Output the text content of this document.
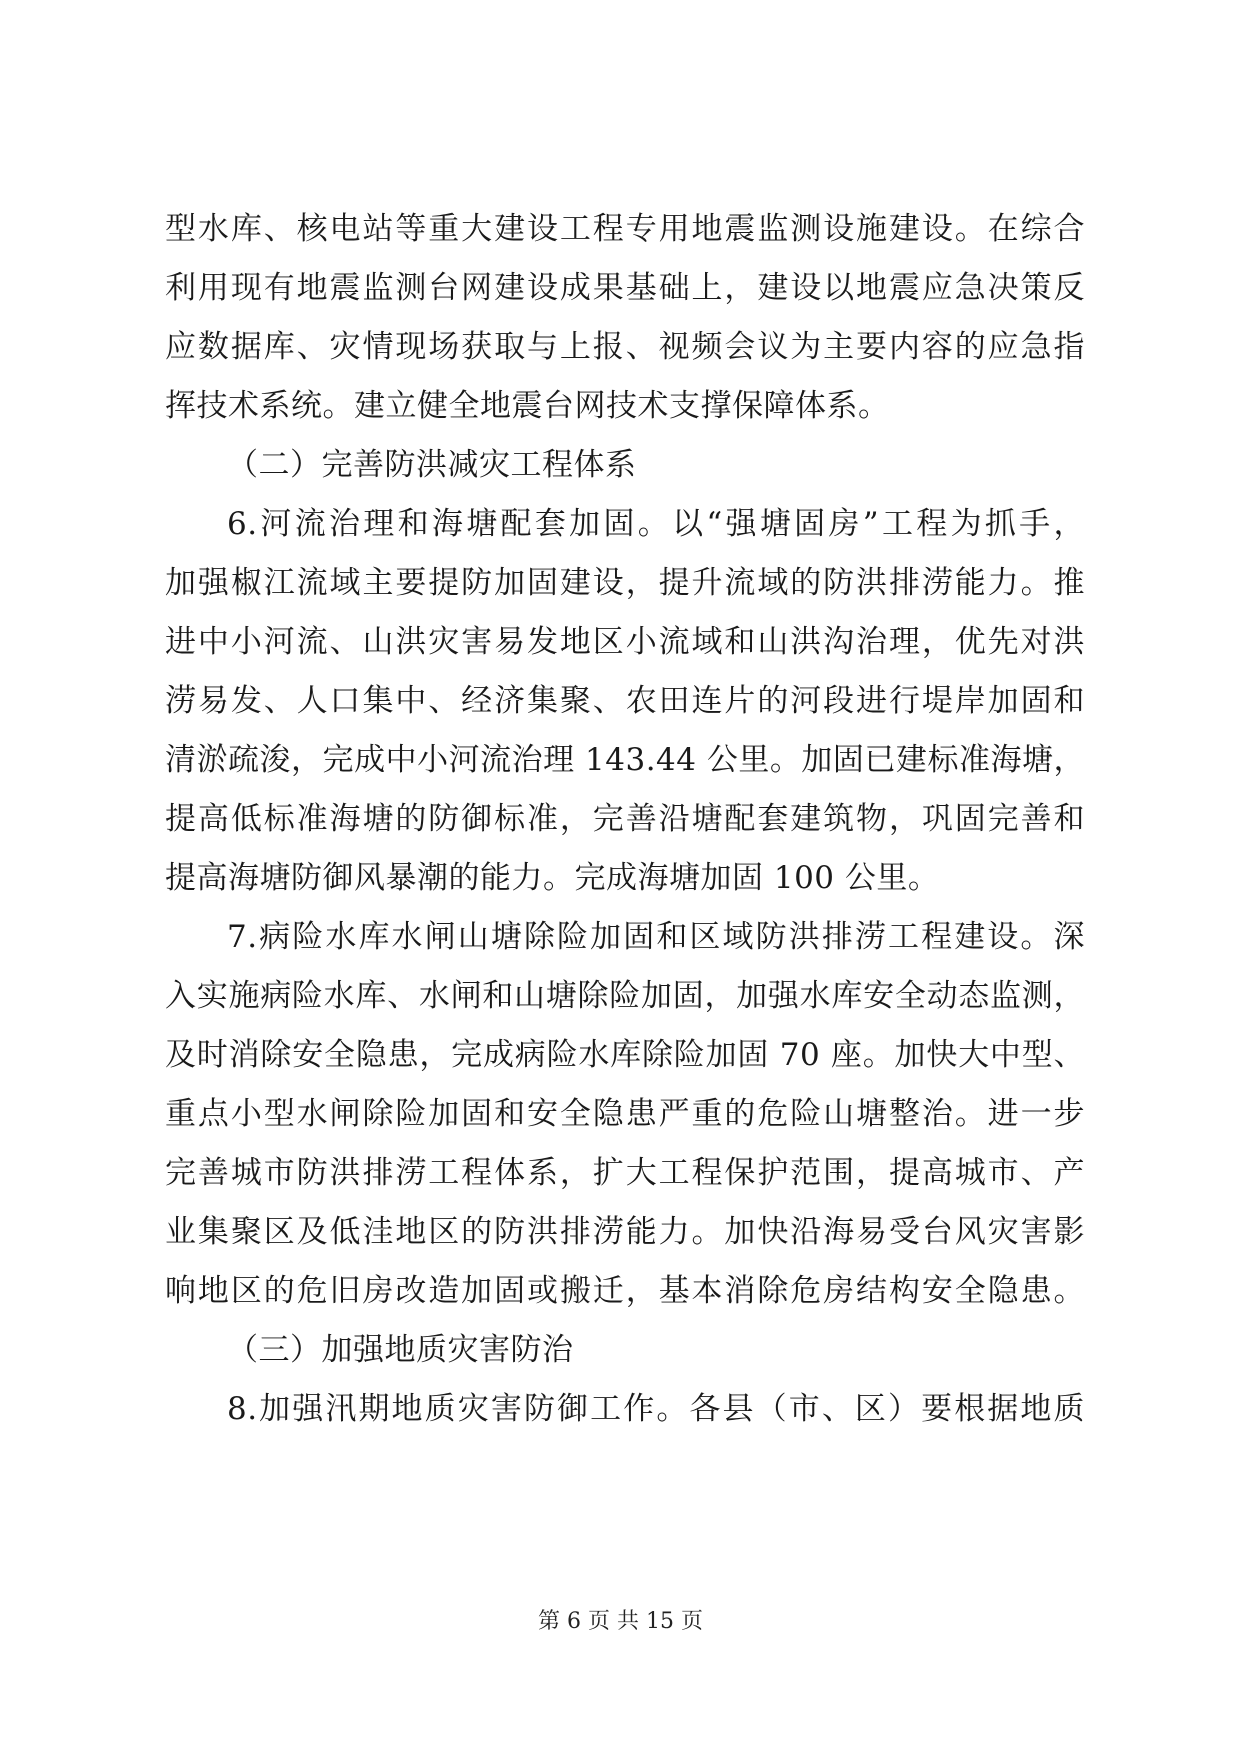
型水库、核电站等重大建设工程专用地震监测设施建设。在综合
利用现有地震监测台网建设成果基础上，建设以地震应急决策反
应数据库、灾情现场获取与上报、视频会议为主要内容的应急指
挥技术系统。建立健全地震台网技术支撑保障体系。
（二）完善防洪减灾工程体系
6.河流治理和海塘配套加固。以“强塘固房”工程为抓手，
加强椒江流域主要提防加固建设，提升流域的防洪排涝能力。推
进中小河流、山洪灾害易发地区小流域和山洪沟治理，优先对洪
涝易发、人口集中、经济集聚、农田连片的河段进行堤岸加固和
清淤疏浚，完成中小河流治理 143.44 公里。加固已建标准海塘，
提高低标准海塘的防御标准，完善沿塘配套建筑物，巩固完善和
提高海塘防御风暴潮的能力。完成海塘加固 100 公里。
7.病险水库水闸山塘除险加固和区域防洪排涝工程建设。深
入实施病险水库、水闸和山塘除险加固，加强水库安全动态监测，
及时消除安全隐患，完成病险水库除险加固 70 座。加快大中型、
重点小型水闸除险加固和安全隐患严重的危险山塘整治。进一步
完善城市防洪排涝工程体系，扩大工程保护范围，提高城市、产
业集聚区及低洼地区的防洪排涝能力。加快沿海易受台风灾害影
响地区的危旧房改造加固或搬迁，基本消除危房结构安全隐患。
（三）加强地质灾害防治
8.加强汛期地质灾害防御工作。各县（市、区）要根据地质
第 6 页 共 15 页
